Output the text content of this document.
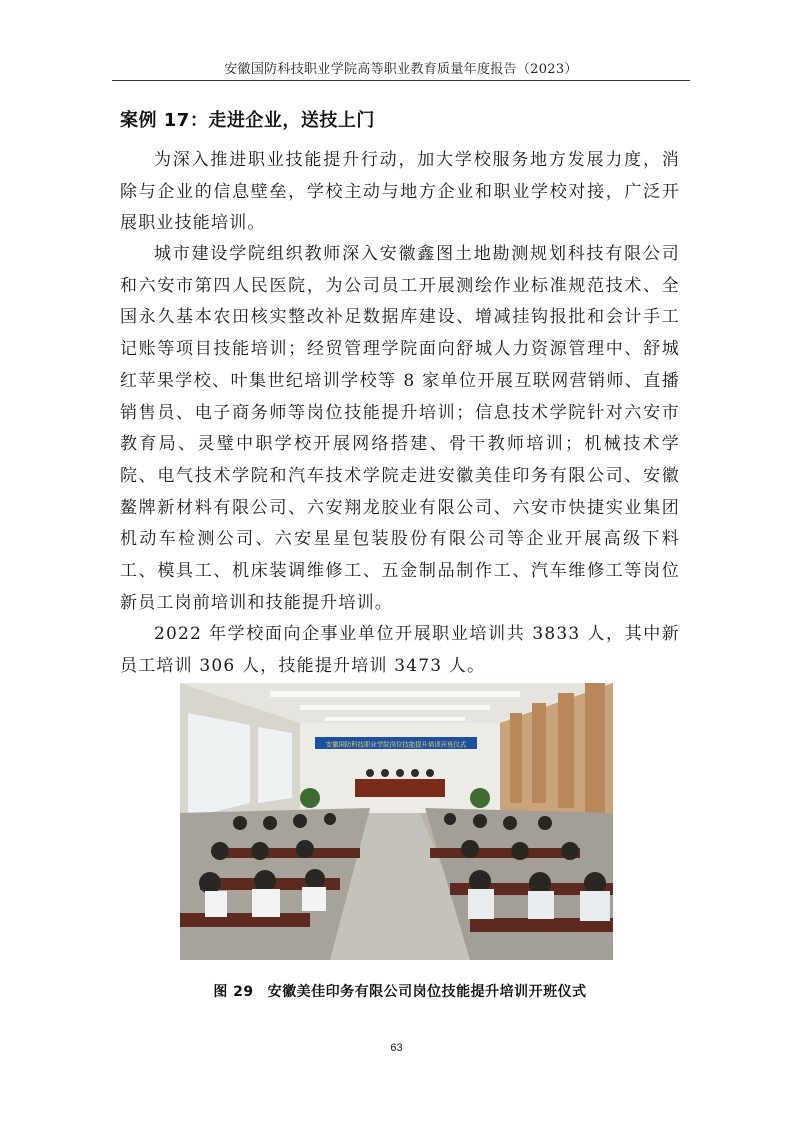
安徽国防科技职业学院高等职业教育质量年度报告（2023）
案例 17：走进企业，送技上门

为深入推进职业技能提升行动，加大学校服务地方发展力度，消除与企业的信息壁垒，学校主动与地方企业和职业学校对接，广泛开展职业技能培训。

城市建设学院组织教师深入安徽鑫图土地勘测规划科技有限公司和六安市第四人民医院，为公司员工开展测绘作业标准规范技术、全国永久基本农田核实整改补足数据库建设、增减挂钩报批和会计手工记账等项目技能培训；经贸管理学院面向舒城人力资源管理中、舒城红苹果学校、叶集世纪培训学校等 8 家单位开展互联网营销师、直播销售员、电子商务师等岗位技能提升培训；信息技术学院针对六安市教育局、灵璧中职学校开展网络搭建、骨干教师培训；机械技术学院、电气技术学院和汽车技术学院走进安徽美佳印务有限公司、安徽鳌牌新材料有限公司、六安翔龙胶业有限公司、六安市快捷实业集团机动车检测公司、六安星星包装股份有限公司等企业开展高级下料工、模具工、机床装调维修工、五金制品制作工、汽车维修工等岗位新员工岗前培训和技能提升培训。

2022 年学校面向企事业单位开展职业培训共 3833 人，其中新员工培训 306 人，技能提升培训 3473 人。

安徽国防科技职业学院岗位技能提升培训开班仪式
图 29 安徽美佳印务有限公司岗位技能提升培训开班仪式
63
